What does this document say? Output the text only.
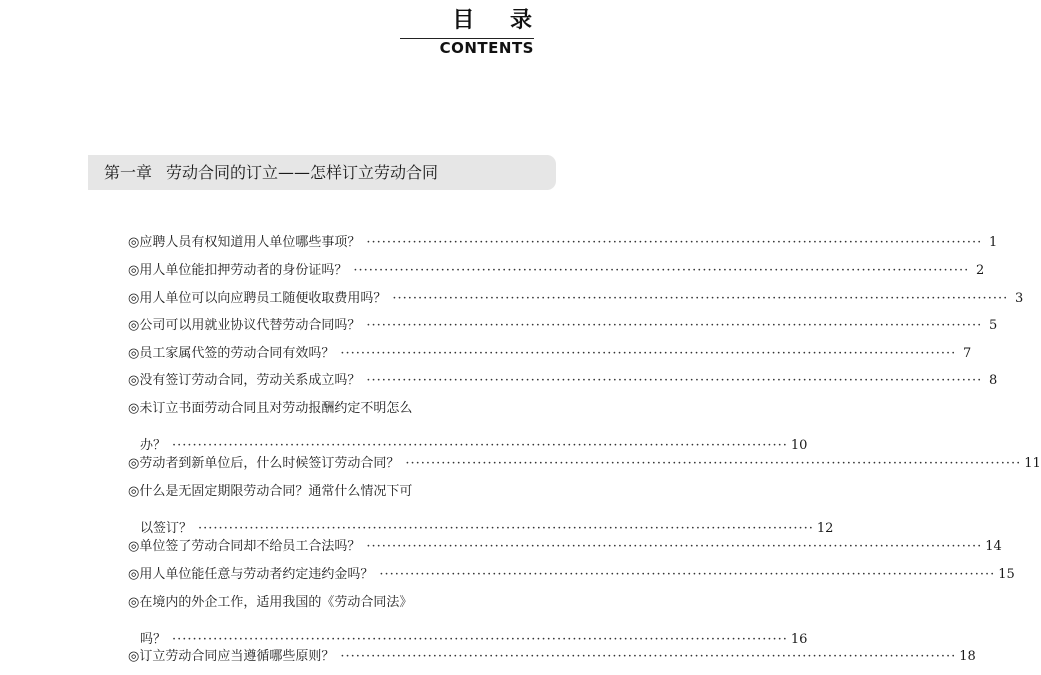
目 录
CONTENTS
第一章 劳动合同的订立——怎样订立劳动合同
◎应聘人员有权知道用人单位哪些事项？ ························································································································ 1
◎用人单位能扣押劳动者的身份证吗？ ························································································································ 2
◎用人单位可以向应聘员工随便收取费用吗？ ························································································································ 3
◎公司可以用就业协议代替劳动合同吗？ ························································································································ 5
◎员工家属代签的劳动合同有效吗？ ························································································································ 7
◎没有签订劳动合同，劳动关系成立吗？ ························································································································ 8
◎未订立书面劳动合同且对劳动报酬约定不明怎么
办？ ························································································································ 10
◎劳动者到新单位后，什么时候签订劳动合同？ ························································································································ 11
◎什么是无固定期限劳动合同？通常什么情况下可
以签订？ ························································································································ 12
◎单位签了劳动合同却不给员工合法吗？ ························································································································ 14
◎用人单位能任意与劳动者约定违约金吗？ ························································································································ 15
◎在境内的外企工作，适用我国的《劳动合同法》
吗？ ························································································································ 16
◎订立劳动合同应当遵循哪些原则？ ························································································································ 18
